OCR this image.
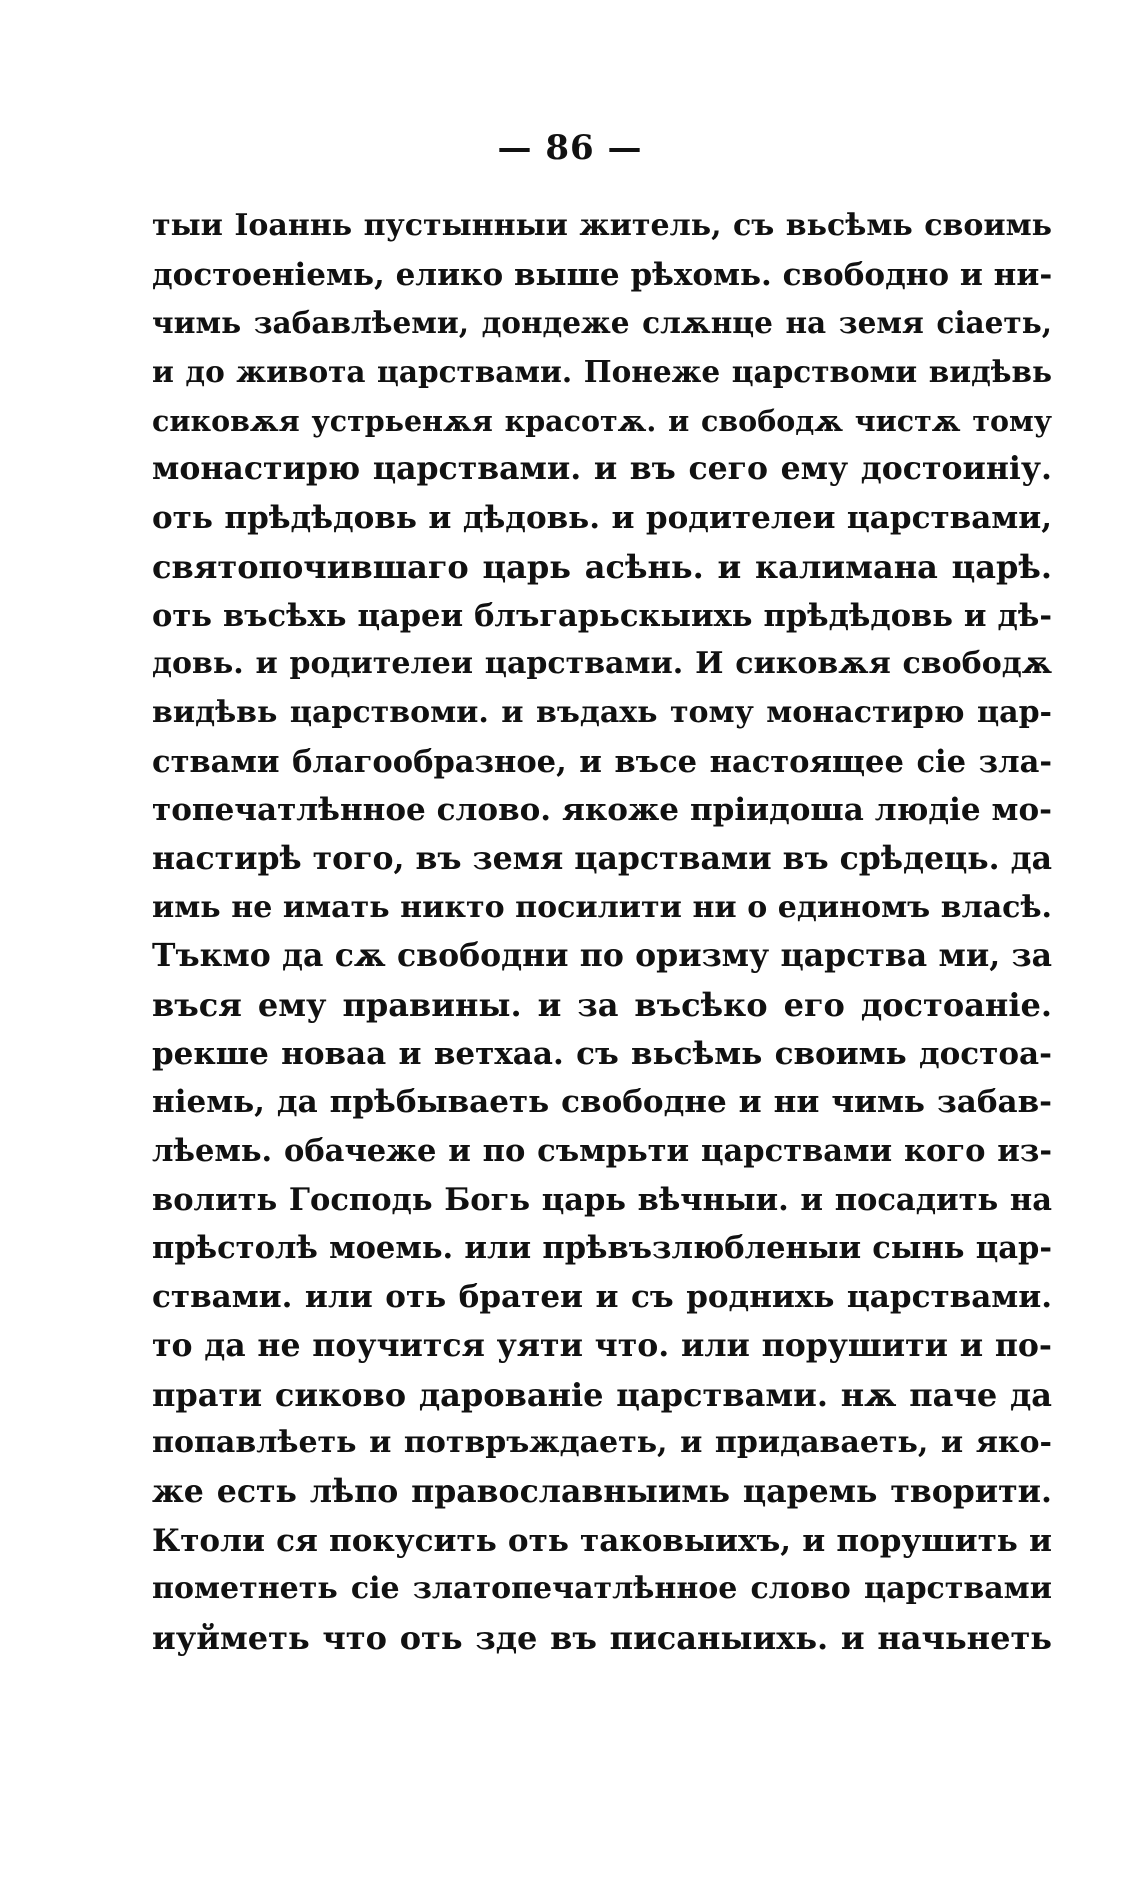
— 86 —
тыи Іоаннь пустынныи житель, съ вьсѣмь своимь
достоеніемь, елико выше рѣхомь. свободно и ни-
чимь забавлѣеми, дондеже слѫнце на земя сіаеть,
и до живота царствами. Понеже царствоми видѣвь
сиковѫя устрьенѫя красотѫ. и свободѫ чистѫ тому
монастирю царствами. и въ сего ему достоиніу.
оть прѣдѣдовь и дѣдовь. и родителеи царствами,
святопочившаго царь асѣнь. и калимана царѣ.
оть въсѣхь цареи блъгарьскыихь прѣдѣдовь и дѣ-
довь. и родителеи царствами. И сиковѫя свободѫ
видѣвь царствоми. и въдахь тому монастирю цар-
ствами благообразное, и въсе настоящее сіе зла-
топечатлѣнное слово. якоже пріидоша людіе мо-
настирѣ того, въ земя царствами въ срѣдець. да
имь не имать никто посилити ни о единомъ власѣ.
Тъкмо да сѫ свободни по оризму царства ми, за
въся ему правины. и за въсѣко его достоаніе.
рекше новаа и ветхаа. съ вьсѣмь своимь достоа-
ніемь, да прѣбываеть свободне и ни чимь забав-
лѣемь. обачеже и по съмрьти царствами кого из-
волить Господь Богь царь вѣчныи. и посадить на
прѣстолѣ моемь. или прѣвъзлюбленыи сынь цар-
ствами. или оть братеи и съ роднихь царствами.
то да не поучится уяти что. или порушити и по-
прати сиково дарованіе царствами. нѫ паче да
попавлѣеть и потвръждаеть, и придаваеть, и яко-
же есть лѣпо православныимь царемь творити.
Ктоли ся покусить оть таковыихъ, и порушить и
пометнеть сіе златопечатлѣнное слово царствами
иуйметь что оть зде въ писаныихь. и начьнеть
